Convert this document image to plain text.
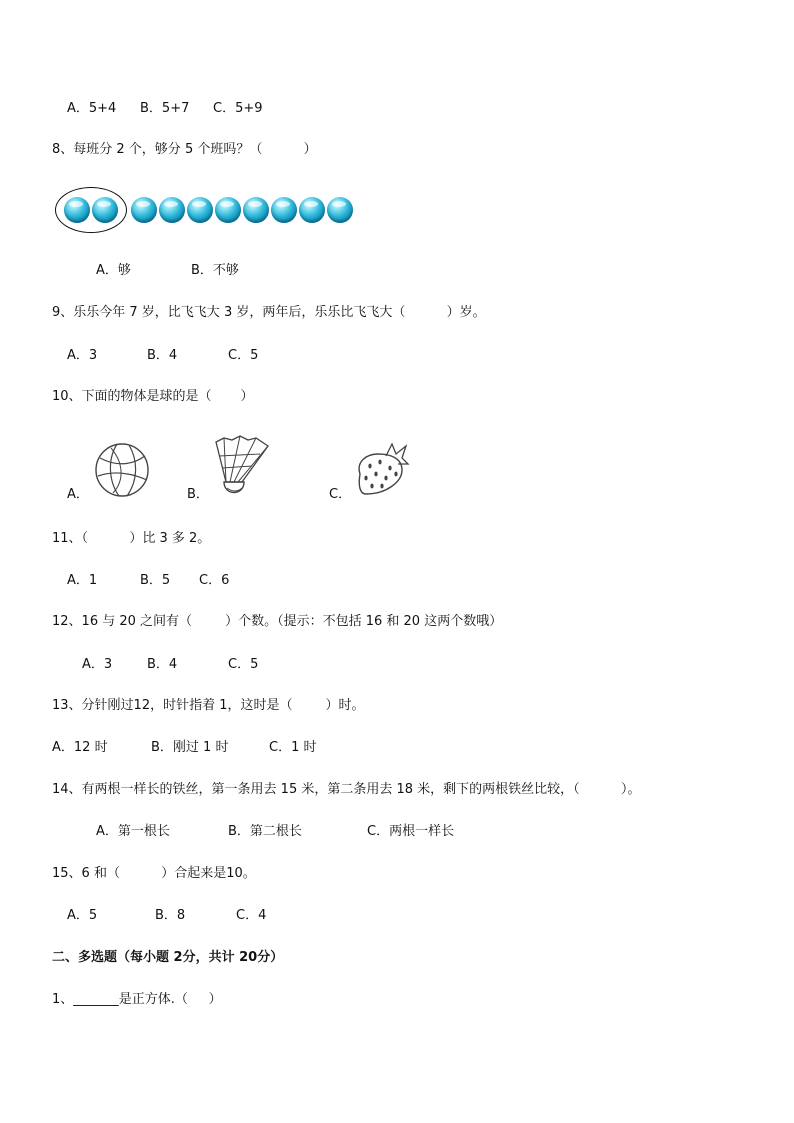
A．5+4 B．5+7 C．5+9
8、每班分 2 个，够分 5 个班吗？（          ）
A．够	B．不够
9、乐乐今年 7 岁，比飞飞大 3 岁，两年后，乐乐比飞飞大（          ）岁。
A．3	B．4	C．5
10、下面的物体是球的是（       ）
A．	B．	C．
11、（          ）比 3 多 2。
A．1	B．5 C．6
12、16 与 20 之间有（        ）个数。（提示：不包括 16 和 20 这两个数哦）
A．3	B．4	C．5
13、分针刚过12，时针指着 1，这时是（        ）时。
A．12 时	B．刚过 1 时	C．1 时
14、有两根一样长的铁丝，第一条用去 15 米，第二条用去 18 米，剩下的两根铁丝比较，（          ）。
A．第一根长	B．第二根长	C．两根一样长
15、6 和（          ）合起来是10。
A．5	B．8	C．4
二、多选题（每小题 2分，共计 20分）
1、_______是正方体.（     ）
